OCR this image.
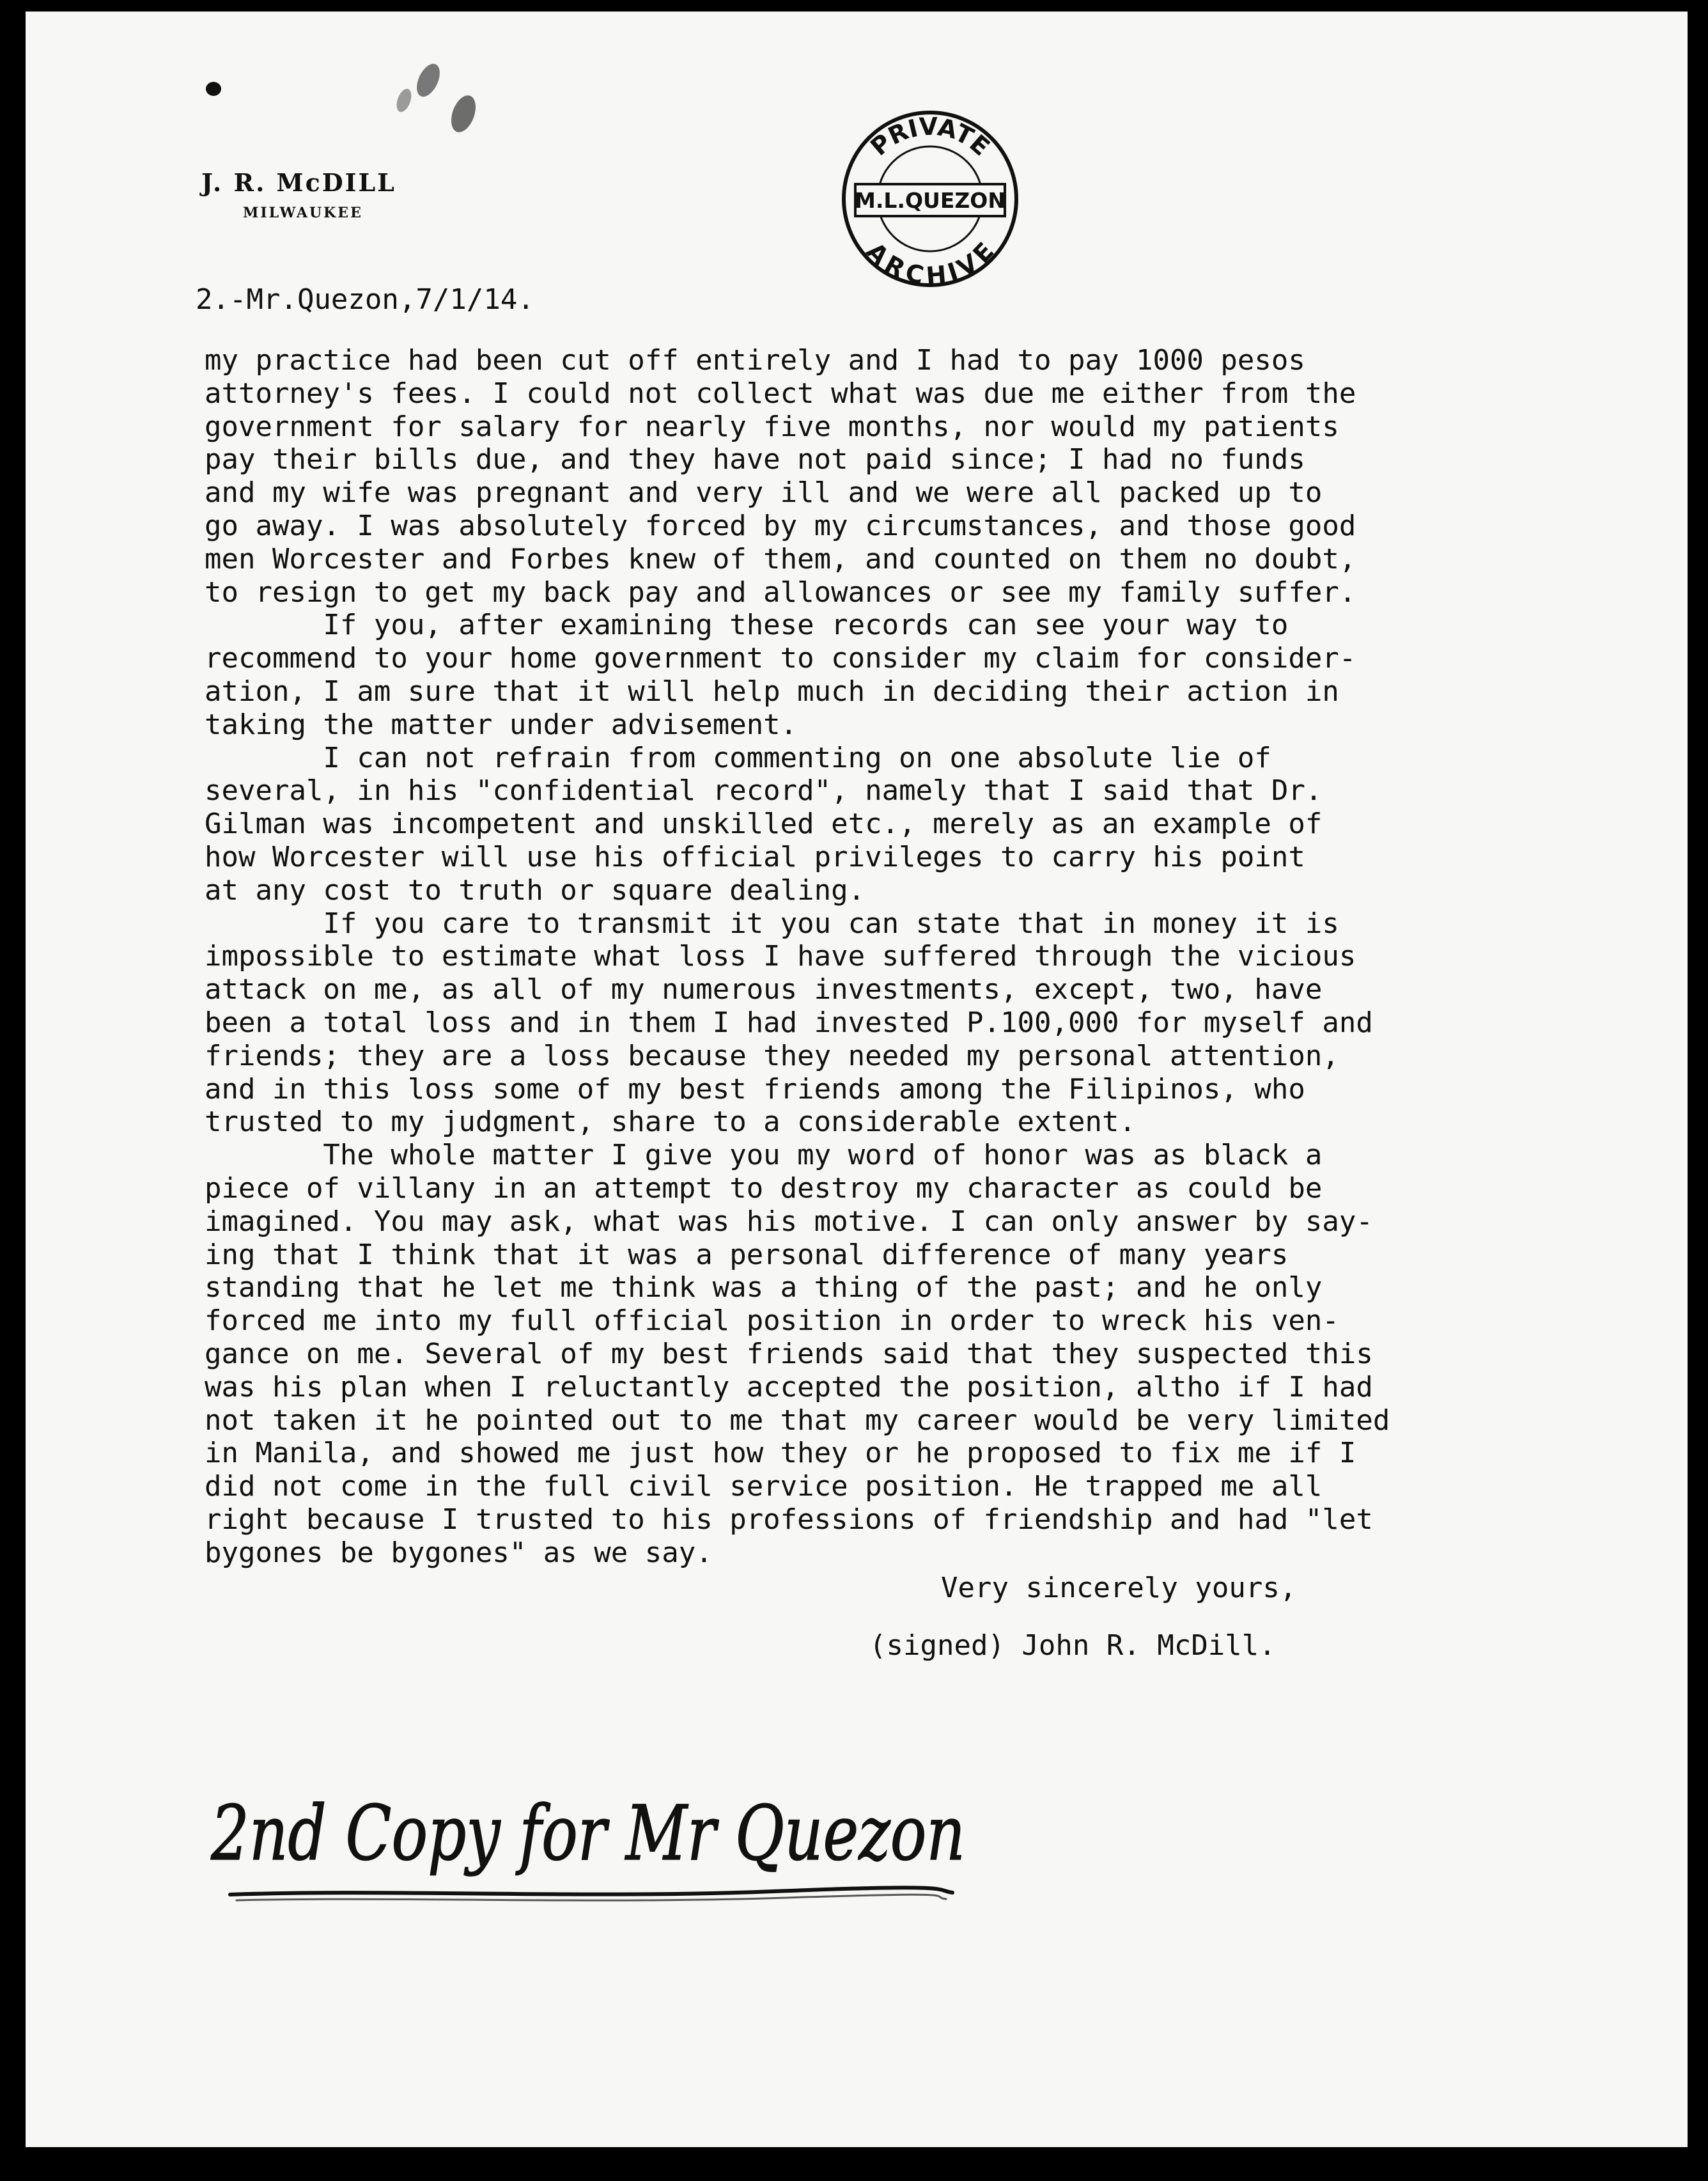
J. R. McDILL
MILWAUKEE
PRIVATE
M.L.QUEZON
ARCHIVE

2.-Mr.Quezon,7/1/14.

my practice had been cut off entirely and I had to pay 1000 pesos
attorney's fees. I could not collect what was due me either from the
government for salary for nearly five months, nor would my patients
pay their bills due, and they have not paid since; I had no funds
and my wife was pregnant and very ill and we were all packed up to
go away. I was absolutely forced by my circumstances, and those good
men Worcester and Forbes knew of them, and counted on them no doubt,
to resign to get my back pay and allowances or see my family suffer.
If you, after examining these records can see your way to
recommend to your home government to consider my claim for consider-
ation, I am sure that it will help much in deciding their action in
taking the matter under advisement.
I can not refrain from commenting on one absolute lie of
several, in his "confidential record", namely that I said that Dr.
Gilman was incompetent and unskilled etc., merely as an example of
how Worcester will use his official privileges to carry his point
at any cost to truth or square dealing.
If you care to transmit it you can state that in money it is
impossible to estimate what loss I have suffered through the vicious
attack on me, as all of my numerous investments, except, two, have
been a total loss and in them I had invested P.100,000 for myself and
friends; they are a loss because they needed my personal attention,
and in this loss some of my best friends among the Filipinos, who
trusted to my judgment, share to a considerable extent.
The whole matter I give you my word of honor was as black a
piece of villany in an attempt to destroy my character as could be
imagined. You may ask, what was his motive. I can only answer by say-
ing that I think that it was a personal difference of many years
standing that he let me think was a thing of the past; and he only
forced me into my full official position in order to wreck his ven-
gance on me. Several of my best friends said that they suspected this
was his plan when I reluctantly accepted the position, altho if I had
not taken it he pointed out to me that my career would be very limited
in Manila, and showed me just how they or he proposed to fix me if I
did not come in the full civil service position. He trapped me all
right because I trusted to his professions of friendship and had "let
bygones be bygones" as we say.

Very sincerely yours,

(signed) John R. McDill.

2nd Copy for Mr Quezon
